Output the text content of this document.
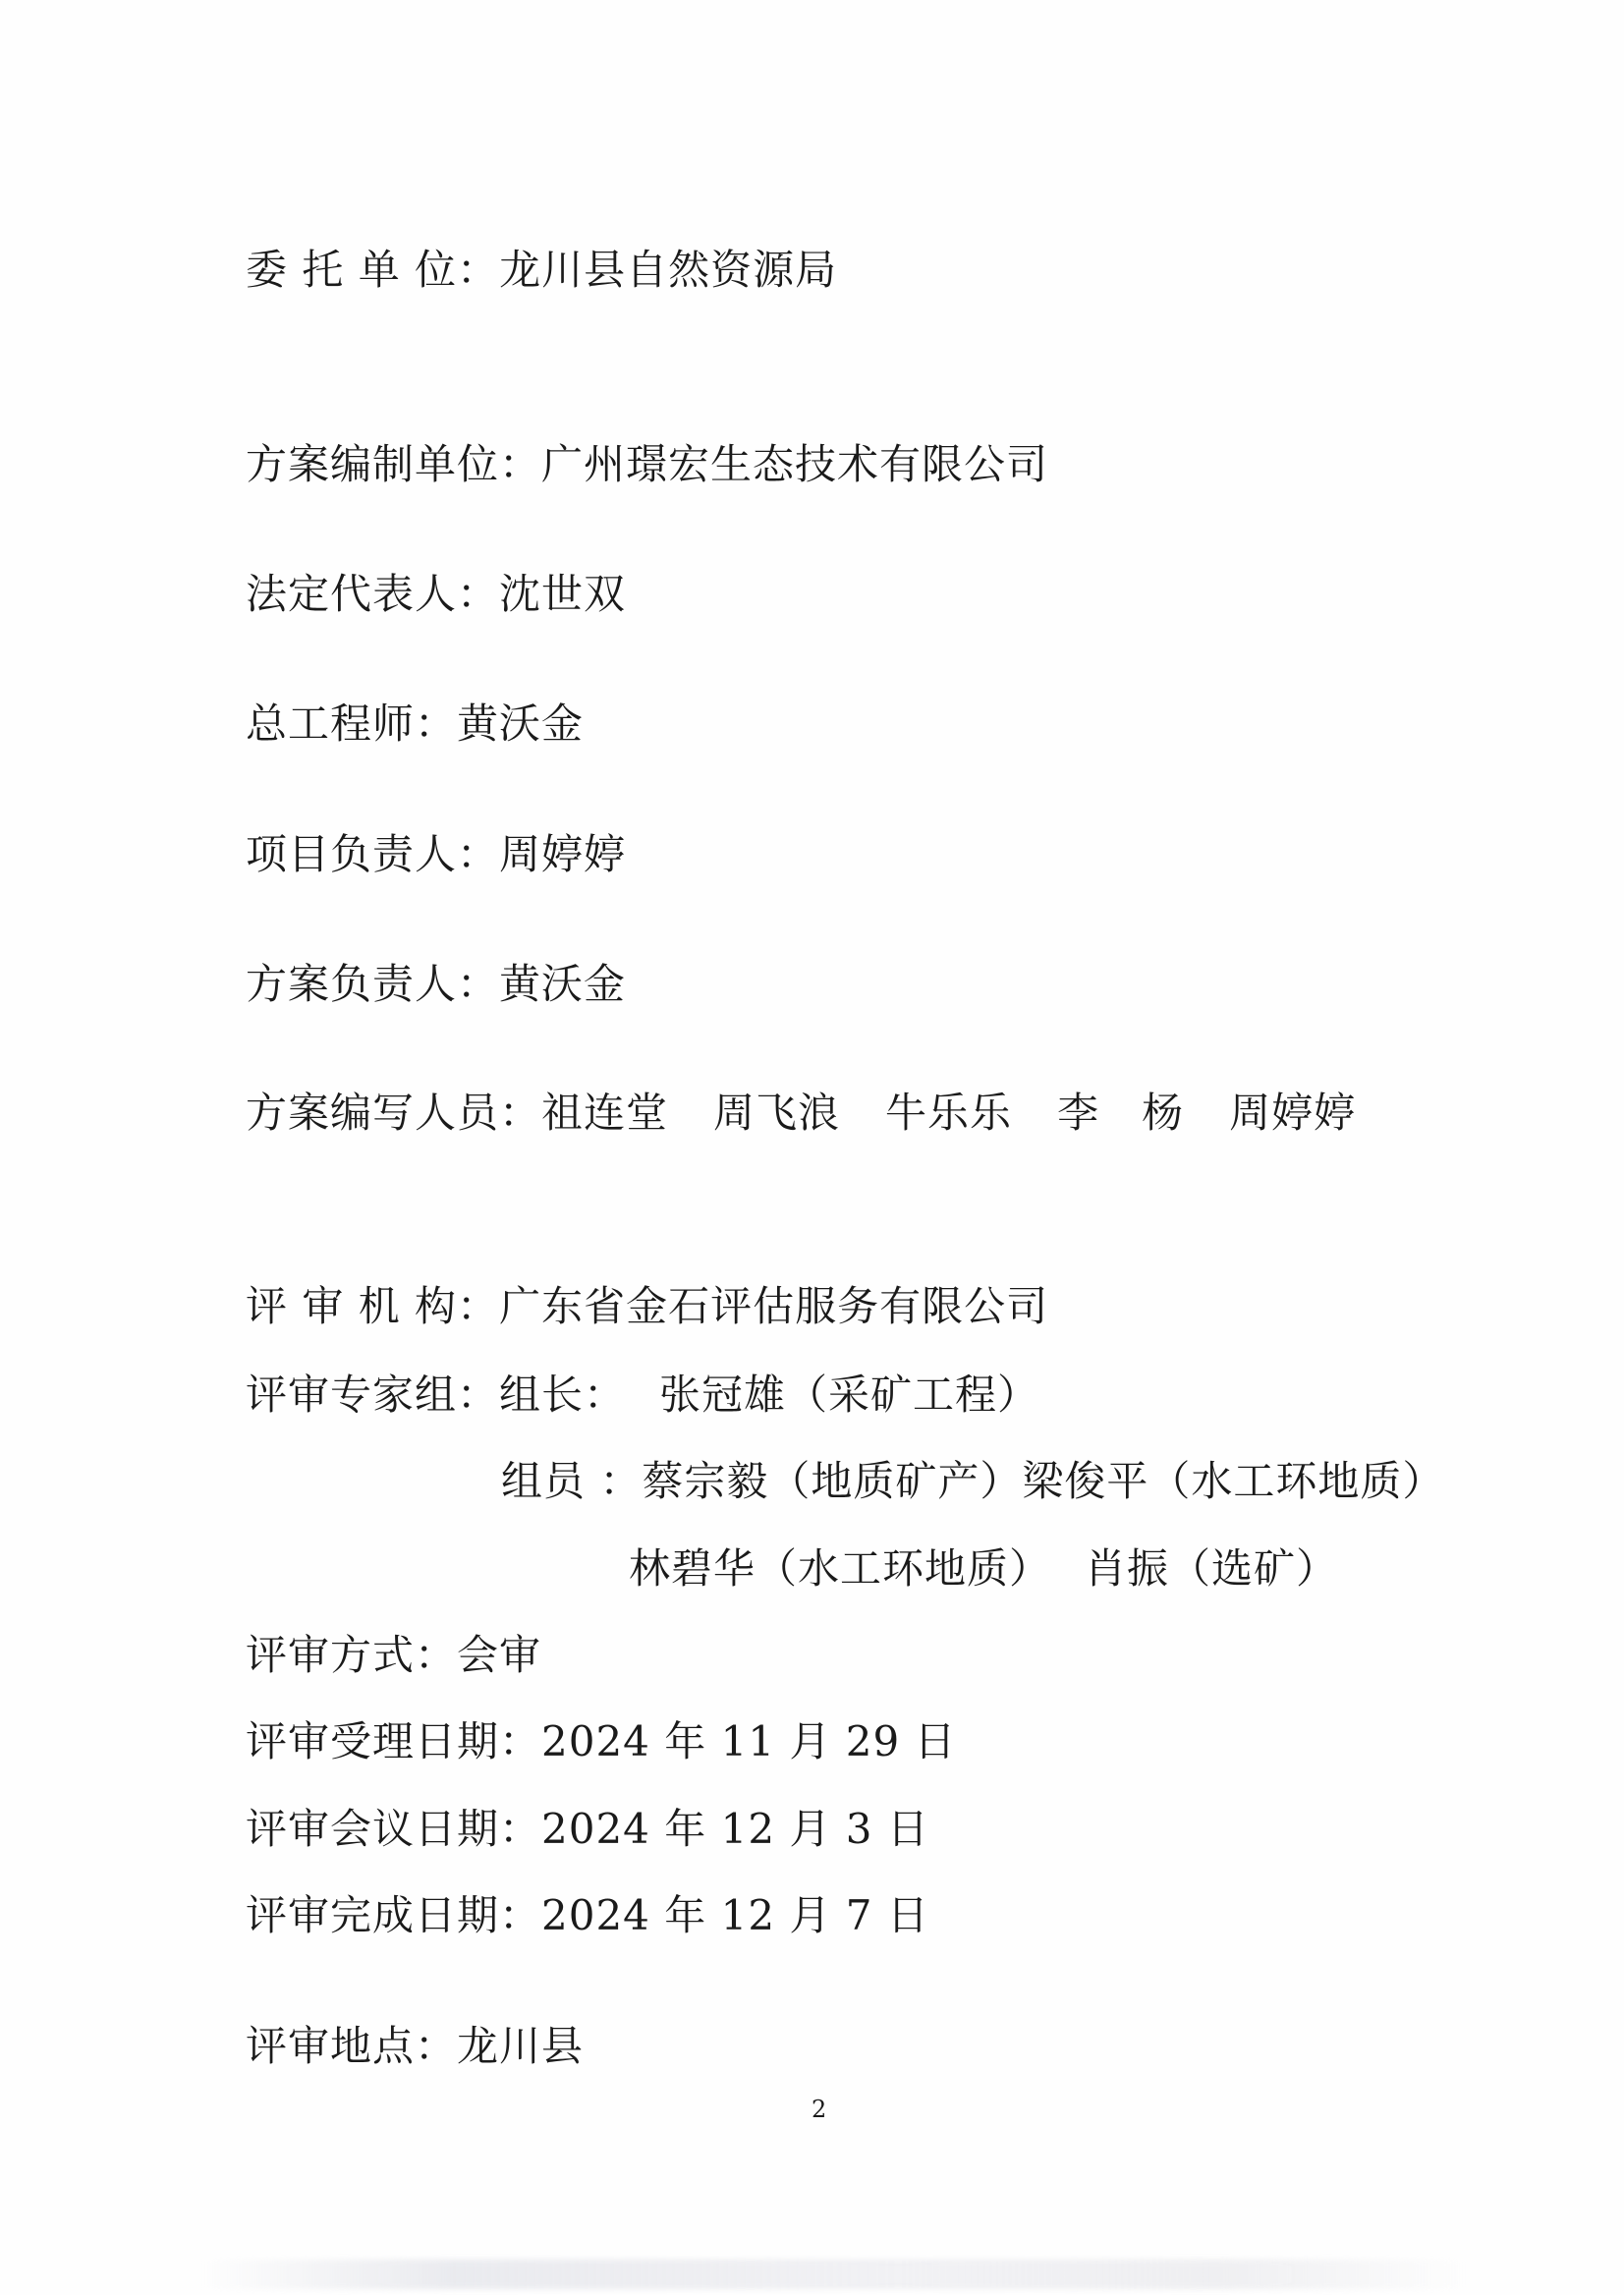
委 托 单 位：龙川县自然资源局
方案编制单位：广州璟宏生态技术有限公司
法定代表人：沈世双
总工程师：黄沃金
项目负责人：周婷婷
方案负责人：黄沃金
方案编写人员：祖连堂 周飞浪 牛乐乐 李　杨 周婷婷
评 审 机 构：广东省金石评估服务有限公司
评审专家组：组长： 张冠雄（采矿工程）
组员 ：蔡宗毅（地质矿产）梁俊平（水工环地质）
林碧华（水工环地质） 肖振（选矿）
评审方式：会审
评审受理日期：2024 年 11 月 29 日
评审会议日期：2024 年 12 月 3 日
评审完成日期：2024 年 12 月 7 日
评审地点：龙川县
2
